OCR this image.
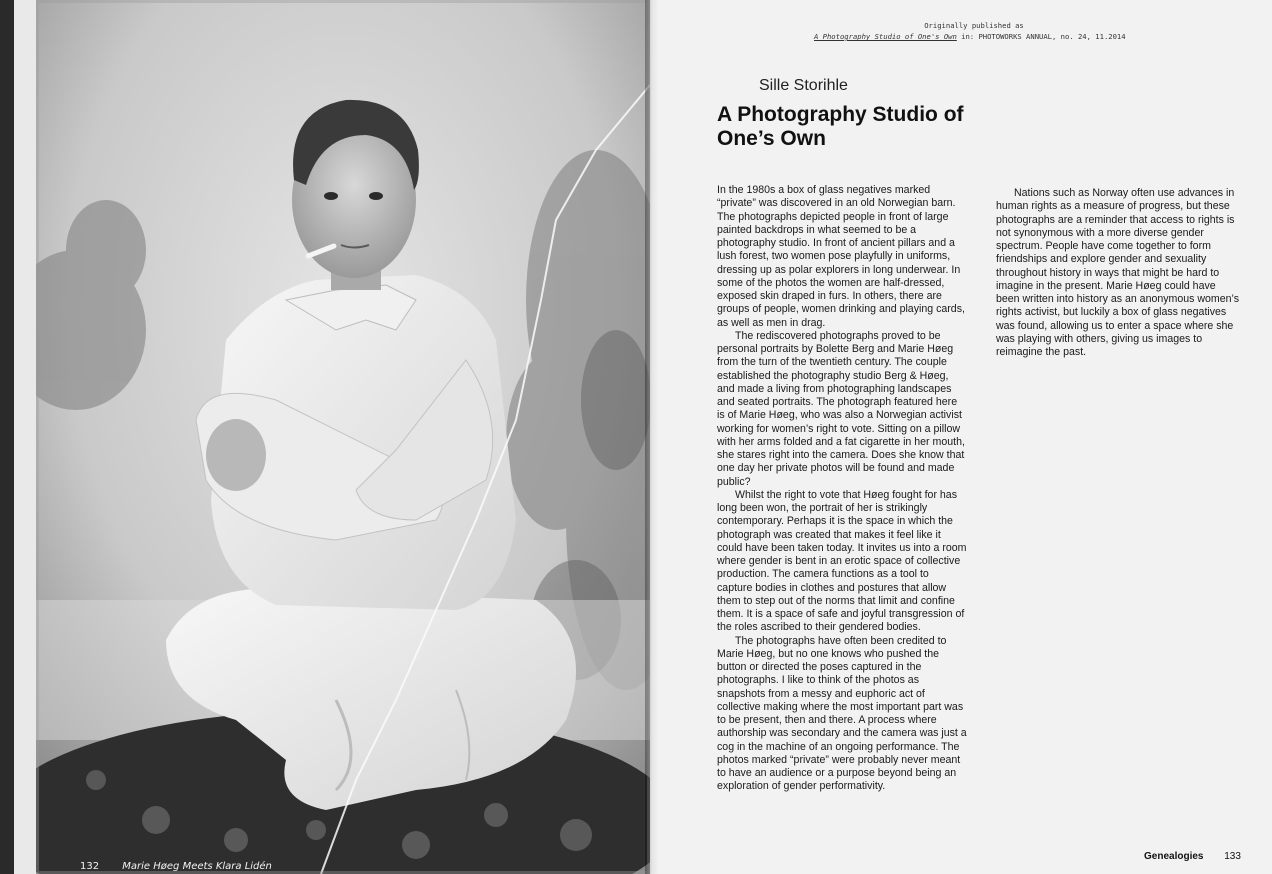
132 Marie Høeg Meets Klara Lidén
Originally published as
A Photography Studio of One's Own in: PHOTOWORKS ANNUAL, no. 24, 11.2014
Sille Storihle
A Photography Studio of One’s Own

In the 1980s a box of glass negatives marked “private” was discovered in an old Norwegian barn. The photographs depicted people in front of large painted backdrops in what seemed to be a photography studio. In front of ancient pillars and a lush forest, two women pose playfully in uniforms, dressing up as polar explorers in long underwear. In some of the photos the women are half-dressed, exposed skin draped in furs. In others, there are groups of people, women drinking and playing cards, as well as men in drag.

The rediscovered photographs proved to be personal portraits by Bolette Berg and Marie Høeg from the turn of the twentieth century. The couple established the photography studio Berg & Høeg, and made a living from photographing landscapes and seated portraits. The photograph featured here is of Marie Høeg, who was also a Norwegian activist working for women’s right to vote. Sitting on a pillow with her arms folded and a fat cigarette in her mouth, she stares right into the camera. Does she know that one day her private photos will be found and made public?

Whilst the right to vote that Høeg fought for has long been won, the portrait of her is strikingly contemporary. Perhaps it is the space in which the photograph was created that makes it feel like it could have been taken today. It invites us into a room where gender is bent in an erotic space of collective production. The camera functions as a tool to capture bodies in clothes and postures that allow them to step out of the norms that limit and confine them. It is a space of safe and joyful transgression of the roles ascribed to their gendered bodies.

The photographs have often been credited to Marie Høeg, but no one knows who pushed the button or directed the poses captured in the photographs. I like to think of the photos as snapshots from a messy and euphoric act of collective making where the most important part was to be present, then and there. A process where authorship was secondary and the camera was just a cog in the machine of an ongoing performance. The photos marked “private” were probably never meant to have an audience or a purpose beyond being an exploration of gender performativity.

Nations such as Norway often use advances in human rights as a measure of progress, but these photographs are a reminder that access to rights is not synonymous with a more diverse gender spectrum. People have come together to form friendships and explore gender and sexuality throughout history in ways that might be hard to imagine in the present. Marie Høeg could have been written into history as an anonymous women’s rights activist, but luckily a box of glass negatives was found, allowing us to enter a space where she was playing with others, giving us images to reimagine the past.

Genealogies 133
